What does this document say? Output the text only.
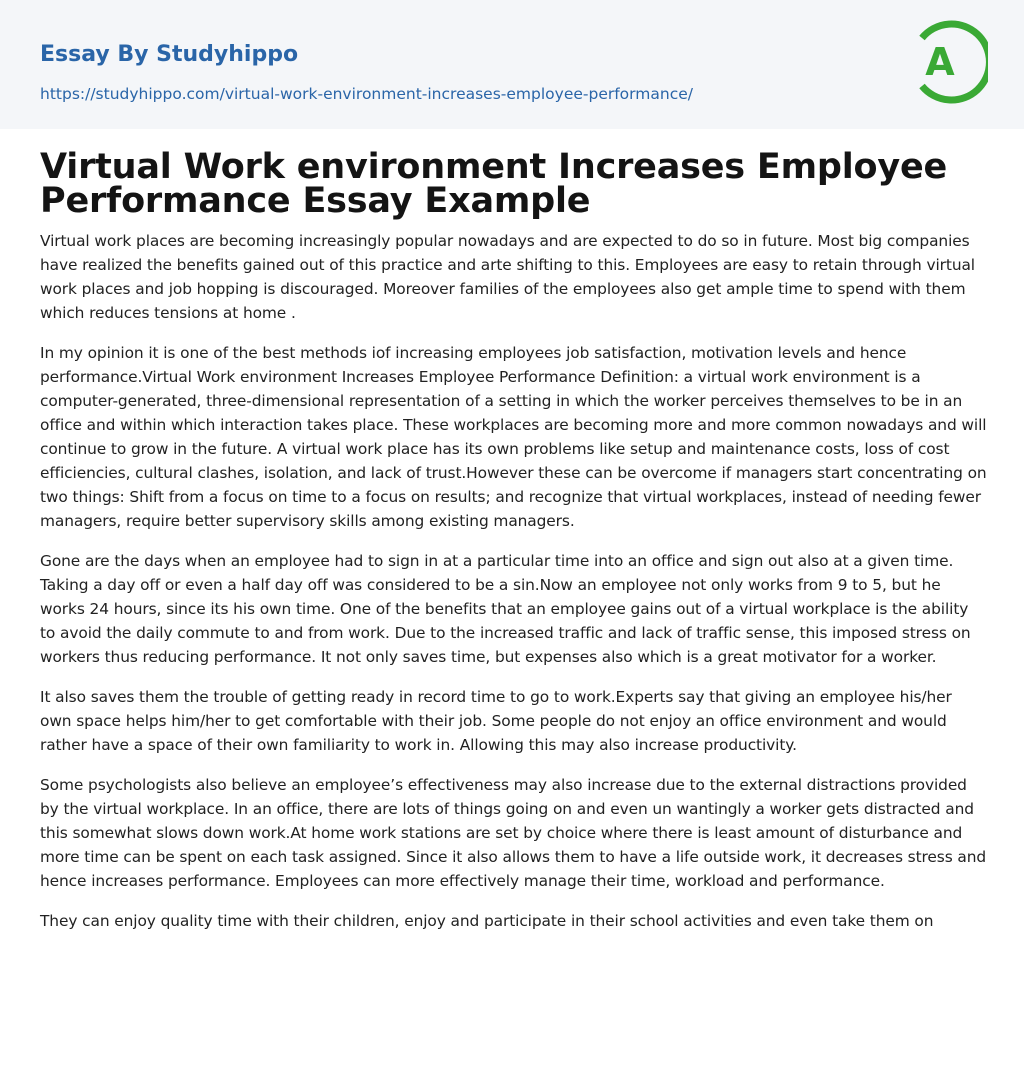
Essay By Studyhippo
https://studyhippo.com/virtual-work-environment-increases-employee-performance/
A
Virtual Work environment Increases Employee Performance Essay Example

Virtual work places are becoming increasingly popular nowadays and are expected to do so in future. Most big companies have realized the benefits gained out of this practice and arte shifting to this. Employees are easy to retain through virtual work places and job hopping is discouraged. Moreover families of the employees also get ample time to spend with them which reduces tensions at home .

In my opinion it is one of the best methods iof increasing employees job satisfaction, motivation levels and hence performance.Virtual Work environment Increases Employee Performance Definition: a virtual work environment is a computer-generated, three-dimensional representation of a setting in which the worker perceives themselves to be in an office and within which interaction takes place. These workplaces are becoming more and more common nowadays and will continue to grow in the future. A virtual work place has its own problems like setup and maintenance costs, loss of cost efficiencies, cultural clashes, isolation, and lack of trust.However these can be overcome if managers start concentrating on two things: Shift from a focus on time to a focus on results; and recognize that virtual workplaces, instead of needing fewer managers, require better supervisory skills among existing managers.

Gone are the days when an employee had to sign in at a particular time into an office and sign out also at a given time. Taking a day off or even a half day off was considered to be a sin.Now an employee not only works from 9 to 5, but he works 24 hours, since its his own time. One of the benefits that an employee gains out of a virtual workplace is the ability to avoid the daily commute to and from work. Due to the increased traffic and lack of traffic sense, this imposed stress on workers thus reducing performance. It not only saves time, but expenses also which is a great motivator for a worker.

It also saves them the trouble of getting ready in record time to go to work.Experts say that giving an employee his/her own space helps him/her to get comfortable with their job. Some people do not enjoy an office environment and would rather have a space of their own familiarity to work in. Allowing this may also increase productivity.

Some psychologists also believe an employee’s effectiveness may also increase due to the external distractions provided by the virtual workplace. In an office, there are lots of things going on and even un wantingly a worker gets distracted and this somewhat slows down work.At home work stations are set by choice where there is least amount of disturbance and more time can be spent on each task assigned. Since it also allows them to have a life outside work, it decreases stress and hence increases performance. Employees can more effectively manage their time, workload and performance.

They can enjoy quality time with their children, enjoy and participate in their school activities and even take them on
